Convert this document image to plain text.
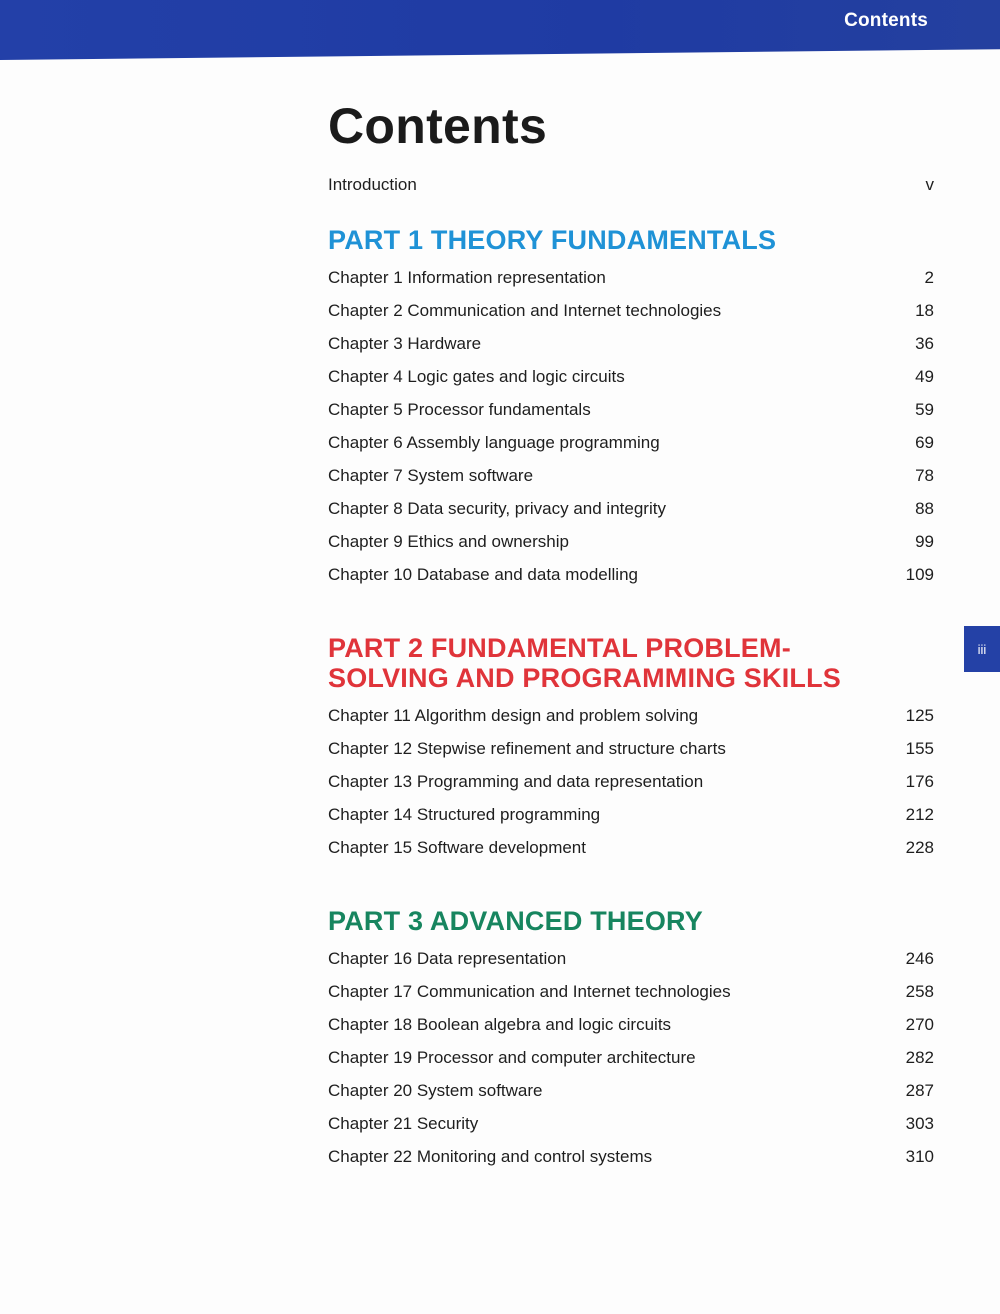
Contents
iii
Contents
Introduction	v
PART 1 THEORY FUNDAMENTALS
Chapter 1 Information representation	2
Chapter 2 Communication and Internet technologies	18
Chapter 3 Hardware	36
Chapter 4 Logic gates and logic circuits	49
Chapter 5 Processor fundamentals	59
Chapter 6 Assembly language programming	69
Chapter 7 System software	78
Chapter 8 Data security, privacy and integrity	88
Chapter 9 Ethics and ownership	99
Chapter 10 Database and data modelling	109
PART 2 FUNDAMENTAL PROBLEM-
SOLVING AND PROGRAMMING SKILLS
Chapter 11 Algorithm design and problem solving	125
Chapter 12 Stepwise refinement and structure charts	155
Chapter 13 Programming and data representation	176
Chapter 14 Structured programming	212
Chapter 15 Software development	228
PART 3 ADVANCED THEORY
Chapter 16 Data representation	246
Chapter 17 Communication and Internet technologies	258
Chapter 18 Boolean algebra and logic circuits	270
Chapter 19 Processor and computer architecture	282
Chapter 20 System software	287
Chapter 21 Security	303
Chapter 22 Monitoring and control systems	310
